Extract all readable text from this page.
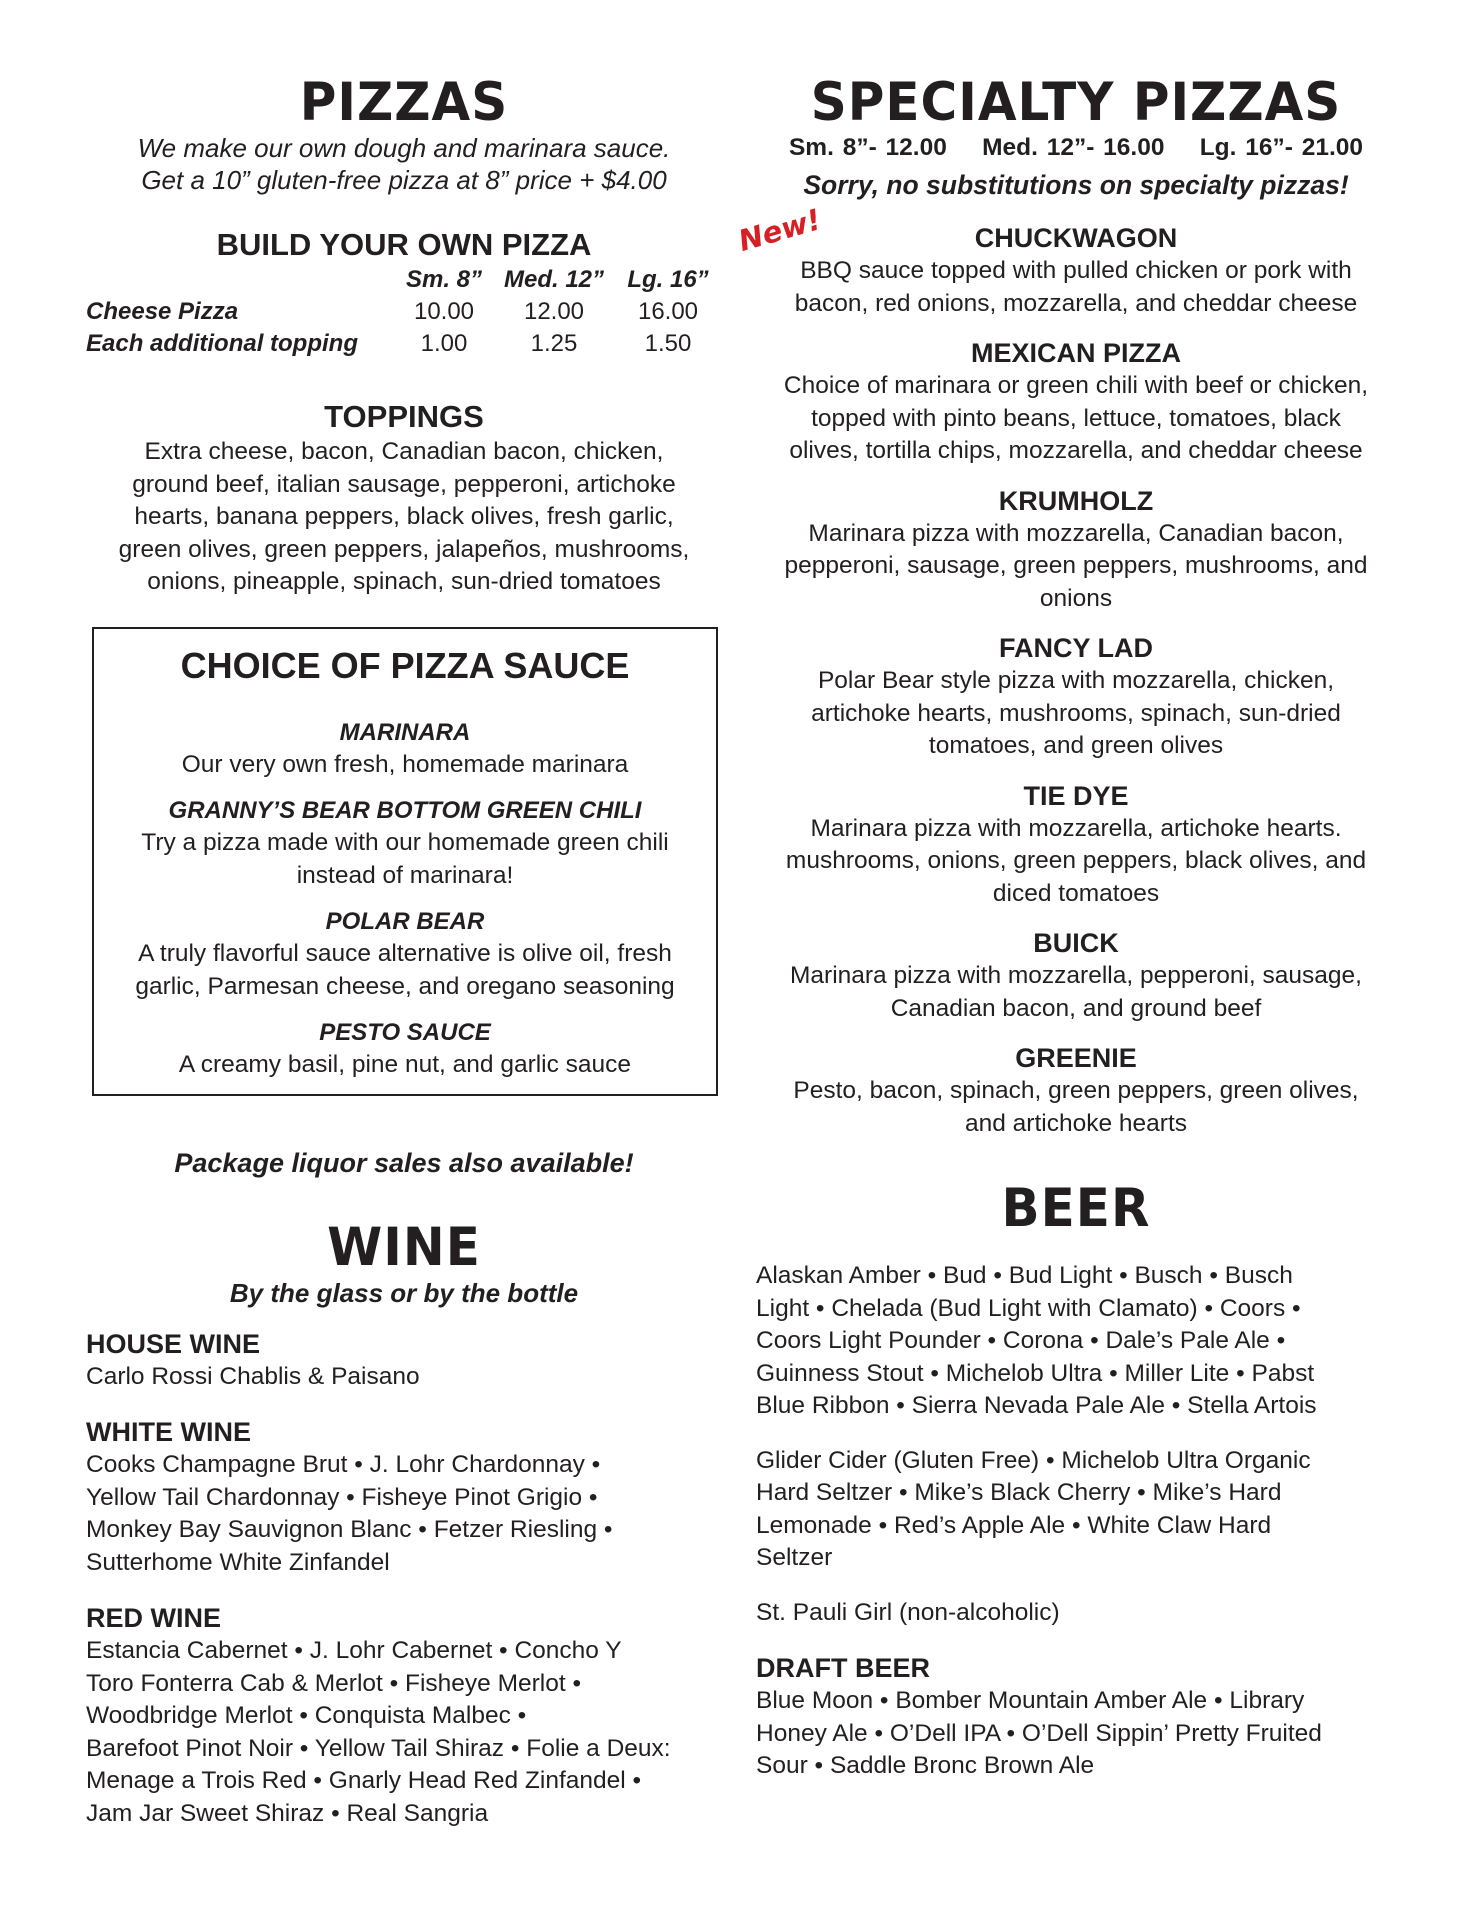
PIZZAS

We make our own dough and marinara sauce.

Get a 10” gluten-free pizza at 8” price + $4.00

BUILD YOUR OWN PIZZA
Sm. 8” Med. 12” Lg. 16”
Cheese Pizza	10.00	12.00	16.00
Each additional topping	1.00	1.25	1.50
TOPPINGS

Extra cheese, bacon, Canadian bacon, chicken,

ground beef, italian sausage, pepperoni, artichoke

hearts, banana peppers, black olives, fresh garlic,

green olives, green peppers, jalapeños, mushrooms,

onions, pineapple, spinach, sun-dried tomatoes

CHOICE OF PIZZA SAUCE

MARINARA

Our very own fresh, homemade marinara

GRANNY’S BEAR BOTTOM GREEN CHILI

Try a pizza made with our homemade green chili
instead of marinara!

POLAR BEAR

A truly flavorful sauce alternative is olive oil, fresh
garlic, Parmesan cheese, and oregano seasoning

PESTO SAUCE

A creamy basil, pine nut, and garlic sauce

Package liquor sales also available!
WINE

By the glass or by the bottle

HOUSE WINE

Carlo Rossi Chablis & Paisano

WHITE WINE

Cooks Champagne Brut • J. Lohr Chardonnay •
Yellow Tail Chardonnay • Fisheye Pinot Grigio •
Monkey Bay Sauvignon Blanc • Fetzer Riesling •
Sutterhome White Zinfandel

RED WINE

Estancia Cabernet • J. Lohr Cabernet • Concho Y
Toro Fonterra Cab & Merlot • Fisheye Merlot •
Woodbridge Merlot • Conquista Malbec •
Barefoot Pinot Noir • Yellow Tail Shiraz • Folie a Deux:
Menage a Trois Red • Gnarly Head Red Zinfandel •
Jam Jar Sweet Shiraz • Real Sangria

New!
SPECIALTY PIZZAS
Sm. 8”- 12.00    Med. 12”- 16.00    Lg. 16”- 21.00
Sorry, no substitutions on specialty pizzas!

CHUCKWAGON

BBQ sauce topped with pulled chicken or pork with
bacon, red onions, mozzarella, and cheddar cheese

MEXICAN PIZZA

Choice of marinara or green chili with beef or chicken,
topped with pinto beans, lettuce, tomatoes, black
olives, tortilla chips, mozzarella, and cheddar cheese

KRUMHOLZ

Marinara pizza with mozzarella, Canadian bacon,
pepperoni, sausage, green peppers, mushrooms, and
onions

FANCY LAD

Polar Bear style pizza with mozzarella, chicken,
artichoke hearts, mushrooms, spinach, sun-dried
tomatoes, and green olives

TIE DYE

Marinara pizza with mozzarella, artichoke hearts.
mushrooms, onions, green peppers, black olives, and
diced tomatoes

BUICK

Marinara pizza with mozzarella, pepperoni, sausage,
Canadian bacon, and ground beef

GREENIE

Pesto, bacon, spinach, green peppers, green olives,
and artichoke hearts

BEER

Alaskan Amber • Bud • Bud Light • Busch • Busch
Light • Chelada (Bud Light with Clamato) • Coors •
Coors Light Pounder • Corona • Dale’s Pale Ale •
Guinness Stout • Michelob Ultra • Miller Lite • Pabst
Blue Ribbon • Sierra Nevada Pale Ale • Stella Artois

Glider Cider (Gluten Free) • Michelob Ultra Organic
Hard Seltzer • Mike’s Black Cherry • Mike’s Hard
Lemonade • Red’s Apple Ale • White Claw Hard
Seltzer

St. Pauli Girl (non-alcoholic)

DRAFT BEER

Blue Moon • Bomber Mountain Amber Ale • Library
Honey Ale • O’Dell IPA • O’Dell Sippin’ Pretty Fruited
Sour • Saddle Bronc Brown Ale
